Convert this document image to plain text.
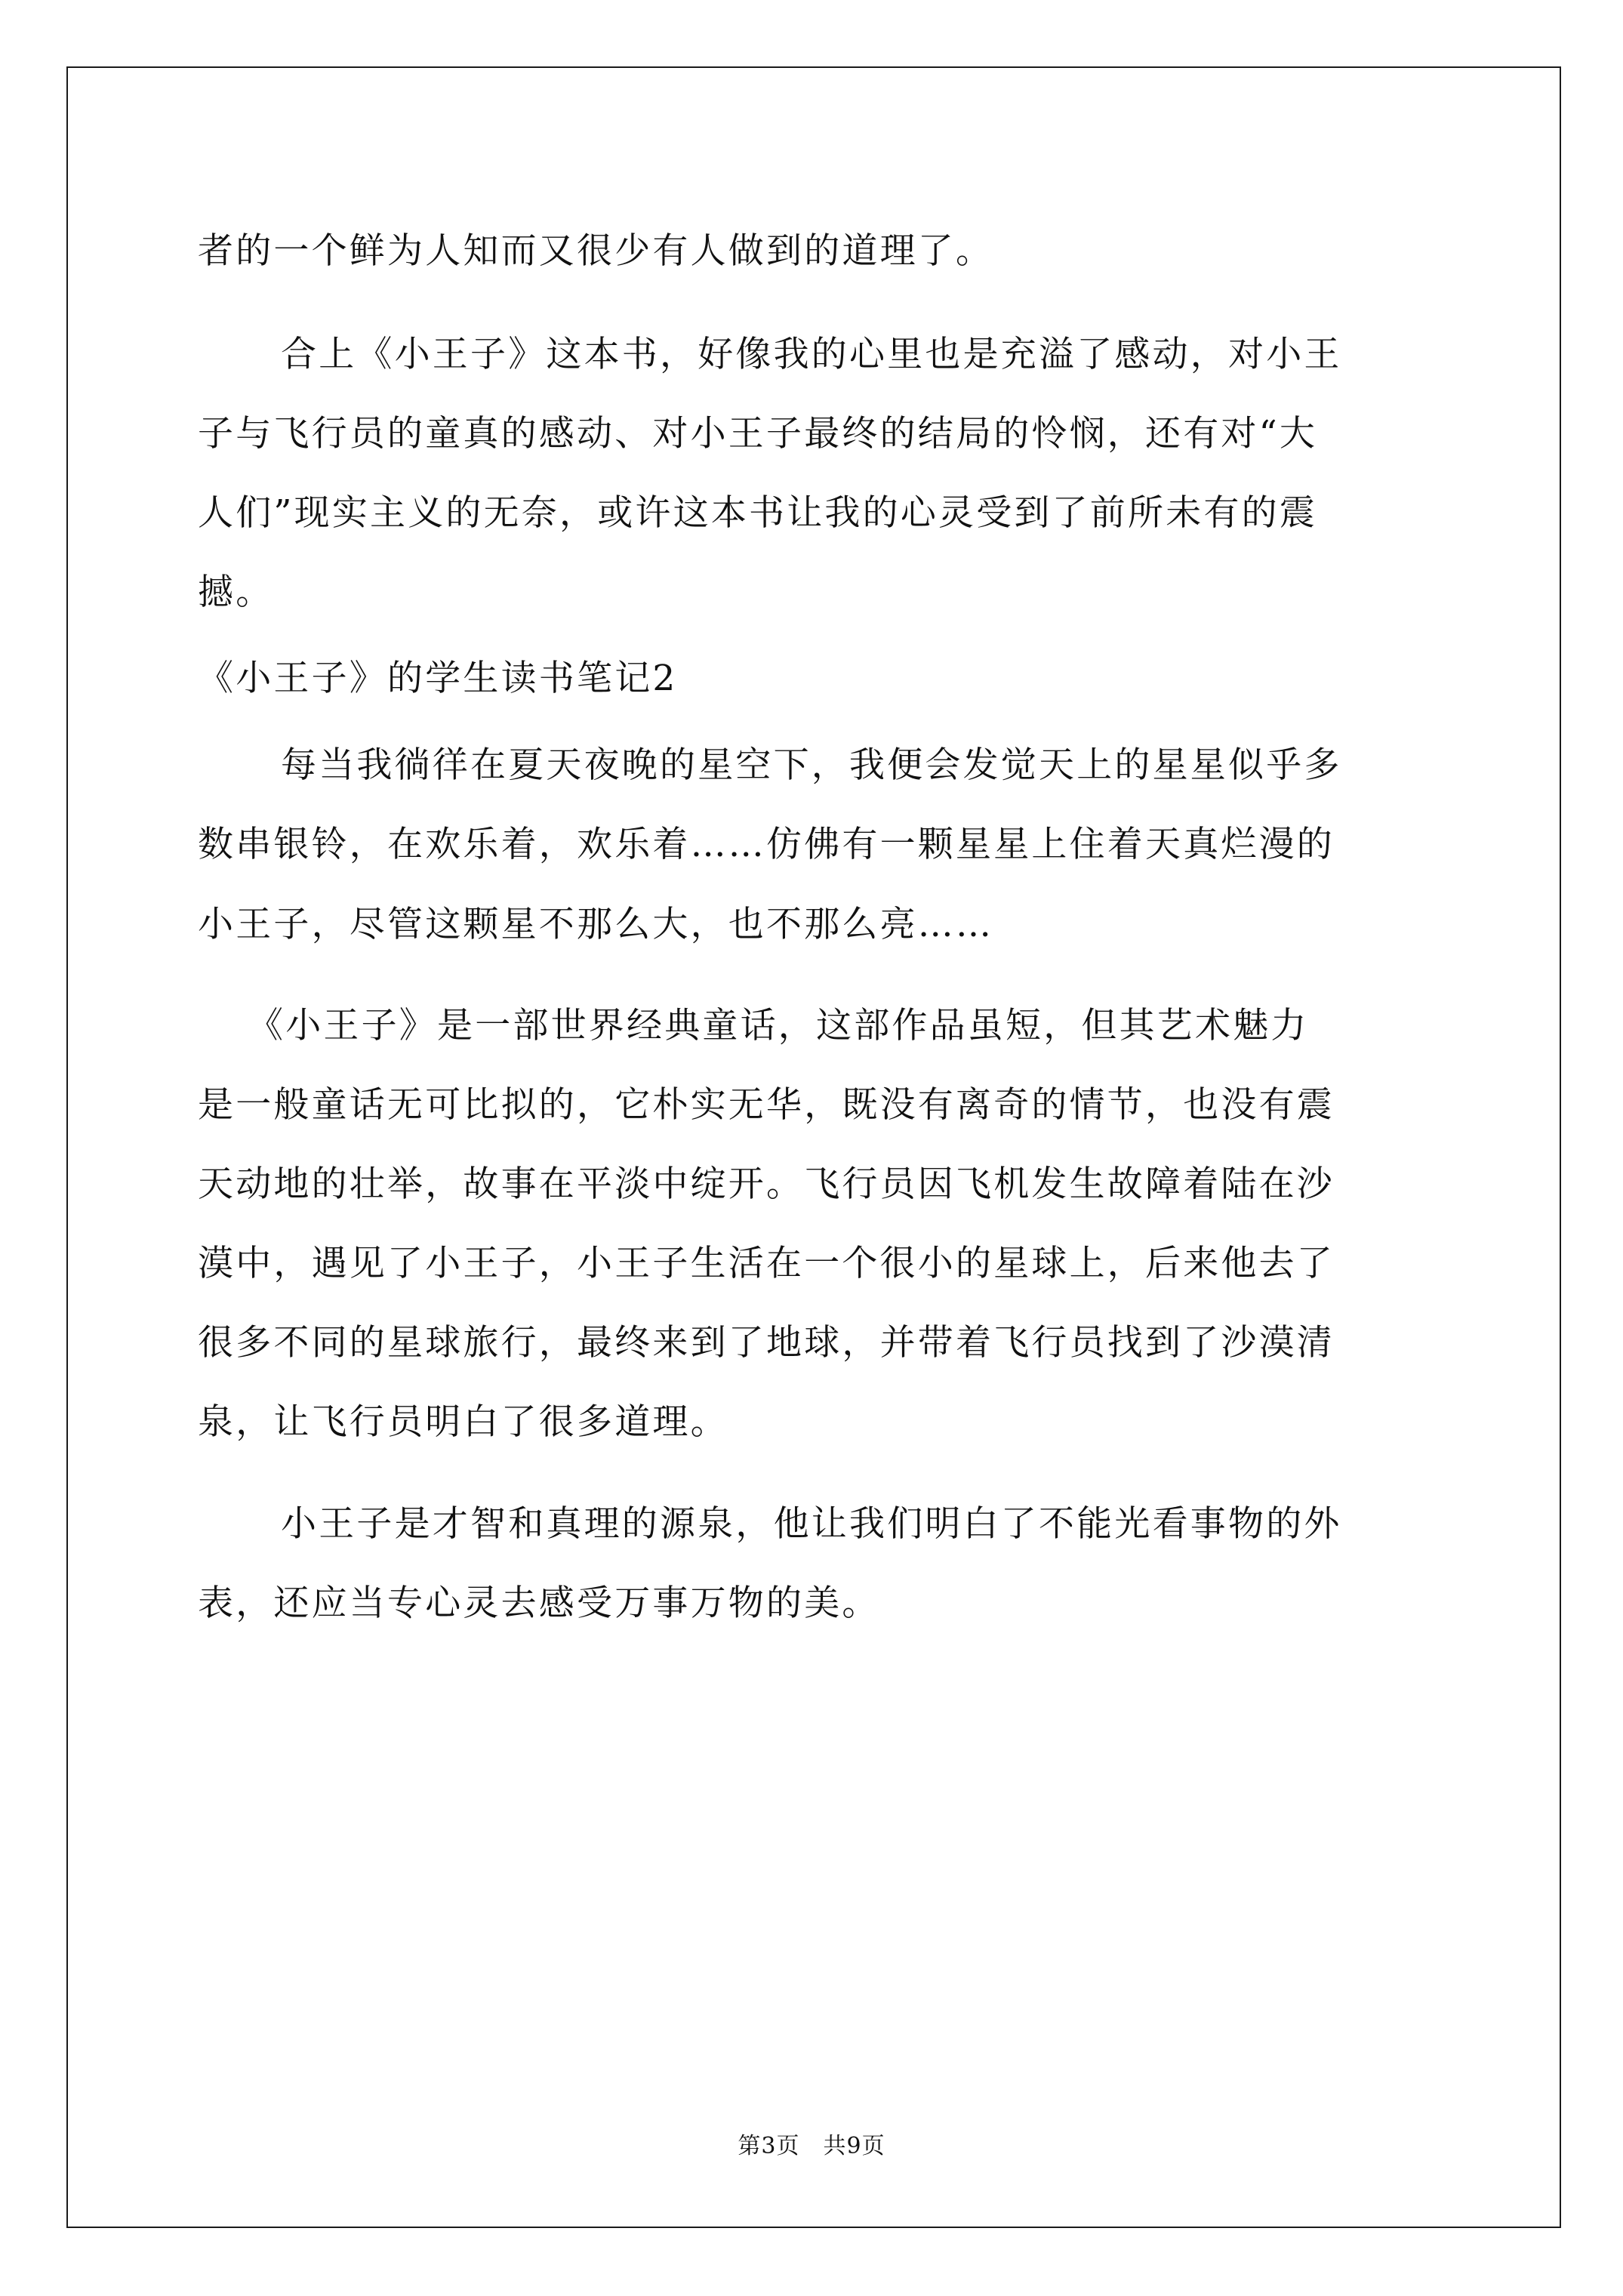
者的一个鲜为人知而又很少有人做到的道理了。
合上《小王子》这本书，好像我的心里也是充溢了感动，对小王
子与飞行员的童真的感动、对小王子最终的结局的怜悯，还有对“大
人们”现实主义的无奈，或许这本书让我的心灵受到了前所未有的震
撼。
《小王子》的学生读书笔记2
每当我徜徉在夏天夜晚的星空下，我便会发觉天上的星星似乎多
数串银铃，在欢乐着，欢乐着……仿佛有一颗星星上住着天真烂漫的
小王子，尽管这颗星不那么大，也不那么亮……
《小王子》是一部世界经典童话，这部作品虽短，但其艺术魅力
是一般童话无可比拟的，它朴实无华，既没有离奇的情节，也没有震
天动地的壮举，故事在平淡中绽开。飞行员因飞机发生故障着陆在沙
漠中，遇见了小王子，小王子生活在一个很小的星球上，后来他去了
很多不同的星球旅行，最终来到了地球，并带着飞行员找到了沙漠清
泉，让飞行员明白了很多道理。
小王子是才智和真理的源泉，他让我们明白了不能光看事物的外
表，还应当专心灵去感受万事万物的美。
第3页　共9页
